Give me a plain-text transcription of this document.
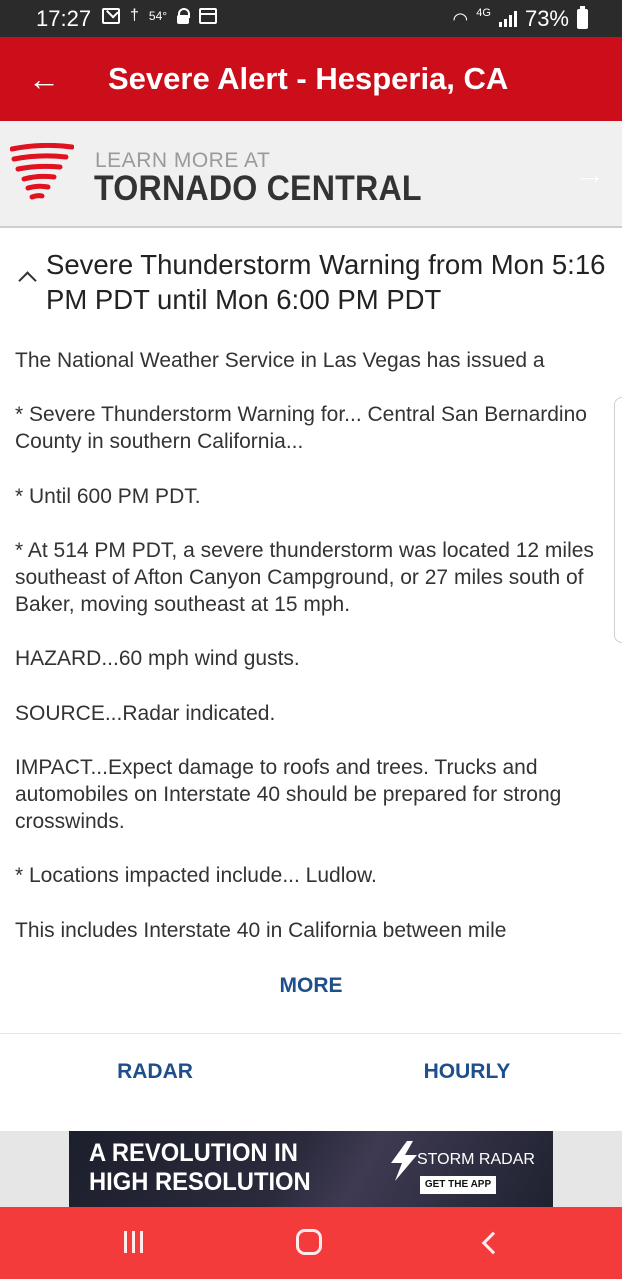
17:27 † 54°	◠ 4G 73%
← Severe Alert - Hesperia, CA
LEARN MORE AT
TORNADO CENTRAL	→
Severe Thunderstorm Warning from Mon 5:16 PM PDT until Mon 6:00 PM PDT

The National Weather Service in Las Vegas has issued a

* Severe Thunderstorm Warning for... Central San Bernardino County in southern California...

* Until 600 PM PDT.

* At 514 PM PDT, a severe thunderstorm was located 12 miles southeast of Afton Canyon Campground, or 27 miles south of Baker, moving southeast at 15 mph.

HAZARD...60 mph wind gusts.

SOURCE...Radar indicated.

IMPACT...Expect damage to roofs and trees. Trucks and automobiles on Interstate 40 should be prepared for strong crosswinds.

* Locations impacted include... Ludlow.

This includes Interstate 40 in California between mile

MORE
RADAR	HOURLY
A REVOLUTION IN
HIGH RESOLUTION
STORM RADAR
GET THE APP
